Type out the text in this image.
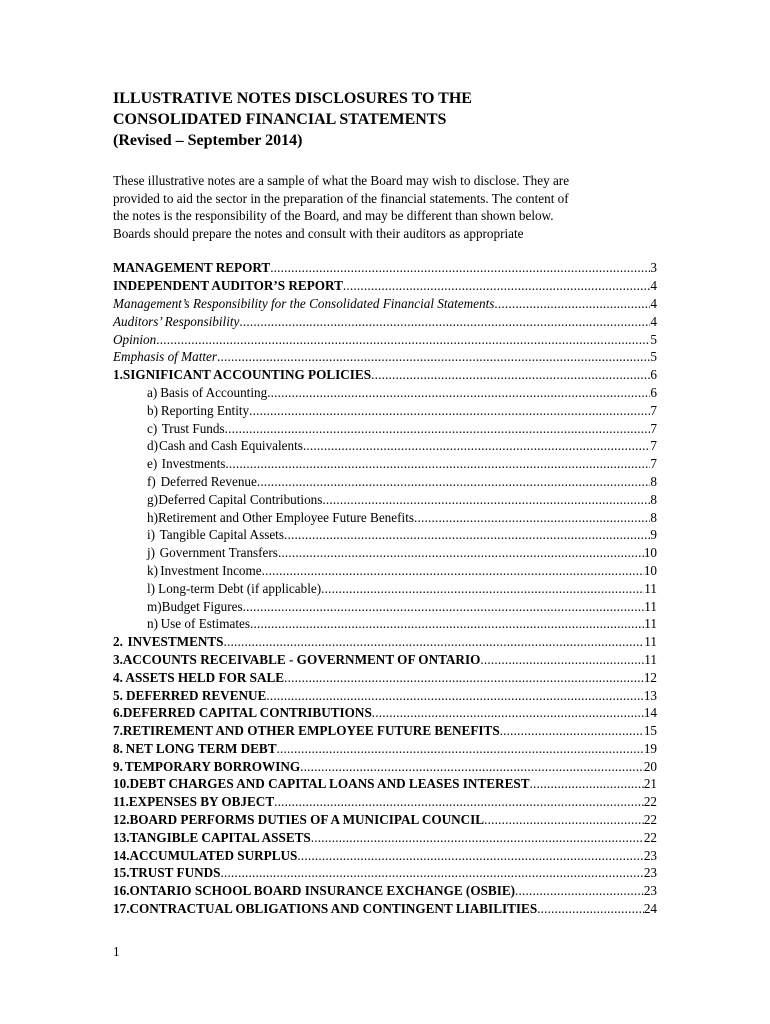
ILLUSTRATIVE NOTES DISCLOSURES TO THE

CONSOLIDATED FINANCIAL STATEMENTS

(Revised – September 2014)

These illustrative notes are a sample of what the Board may wish to disclose. They are
provided to aid the sector in the preparation of the financial statements. The content of
the notes is the responsibility of the Board, and may be different than shown below.
Boards should prepare the notes and consult with their auditors as appropriate
MANAGEMENT REPORT .....	3
INDEPENDENT AUDITOR’S REPORT .....	4
Management’s Responsibility for the Consolidated Financial Statements .....	4
Auditors’ Responsibility .....	4
Opinion .....	5
Emphasis of Matter .....	5
1. SIGNIFICANT ACCOUNTING POLICIES .....	6
a) Basis of Accounting .....	6
b) Reporting Entity .....	7
c) Trust Funds .....	7
d) Cash and Cash Equivalents .....	7
e) Investments .....	7
f) Deferred Revenue .....	8
g) Deferred Capital Contributions .....	8
h) Retirement and Other Employee Future Benefits .....	8
i) Tangible Capital Assets .....	9
j) Government Transfers .....	10
k) Investment Income .....	10
l) Long-term Debt (if applicable) .....	11
m) Budget Figures .....	11
n) Use of Estimates .....	11
2. INVESTMENTS .....	11
3. ACCOUNTS RECEIVABLE - GOVERNMENT OF ONTARIO .....	11
4. ASSETS HELD FOR SALE .....	12
5. DEFERRED REVENUE .....	13
6. DEFERRED CAPITAL CONTRIBUTIONS .....	14
7. RETIREMENT AND OTHER EMPLOYEE FUTURE BENEFITS .....	15
8. NET LONG TERM DEBT .....	19
9. TEMPORARY BORROWING .....	20
10. DEBT CHARGES AND CAPITAL LOANS AND LEASES INTEREST .....	21
11. EXPENSES BY OBJECT .....	22
12. BOARD PERFORMS DUTIES OF A MUNICIPAL COUNCIL .....	22
13. TANGIBLE CAPITAL ASSETS .....	22
14. ACCUMULATED SURPLUS .....	23
15. TRUST FUNDS .....	23
16. ONTARIO SCHOOL BOARD INSURANCE EXCHANGE (OSBIE) .....	23
17. CONTRACTUAL OBLIGATIONS AND CONTINGENT LIABILITIES .....	24
1
